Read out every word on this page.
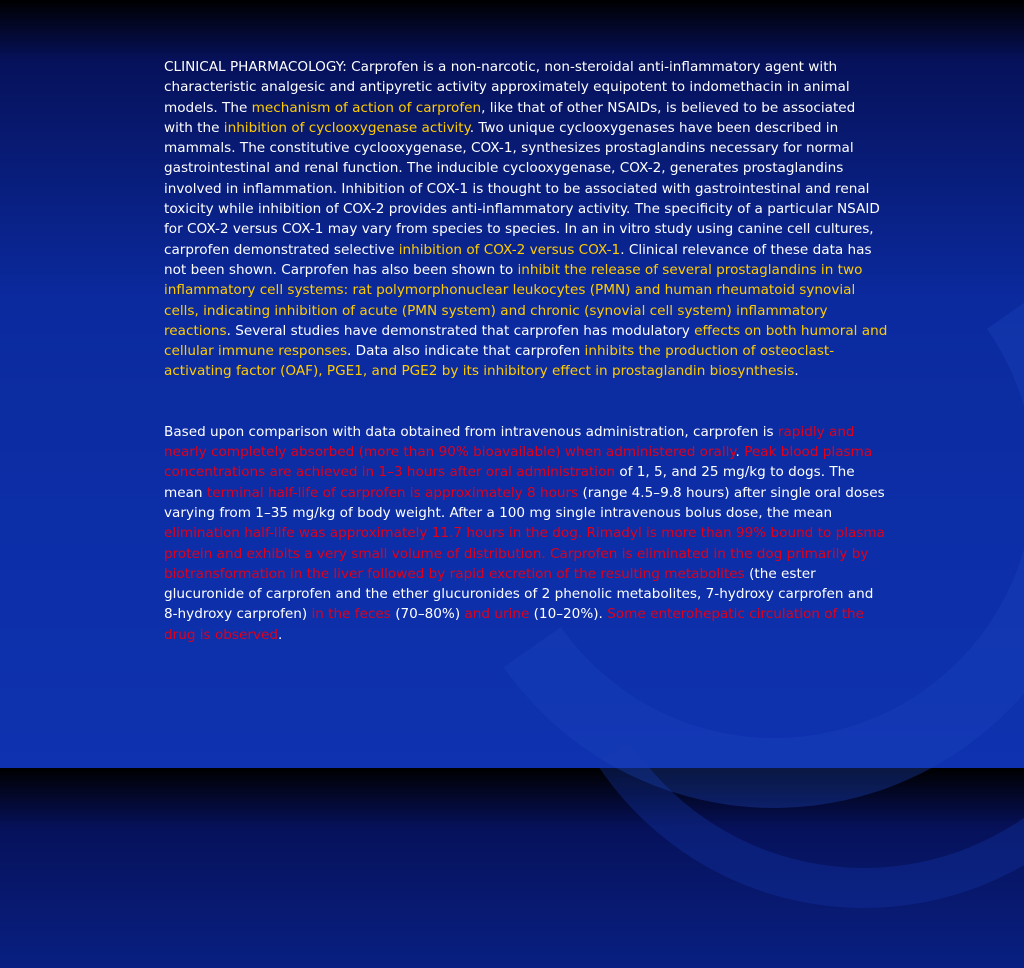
CLINICAL PHARMACOLOGY: Carprofen is a non-narcotic, non-steroidal anti-inflammatory agent with characteristic analgesic and antipyretic activity approximately equipotent to indomethacin in animal models. The mechanism of action of carprofen, like that of other NSAIDs, is believed to be associated with the inhibition of cyclooxygenase activity. Two unique cyclooxygenases have been described in mammals. The constitutive cyclooxygenase, COX-1, synthesizes prostaglandins necessary for normal gastrointestinal and renal function. The inducible cyclooxygenase, COX-2, generates prostaglandins involved in inflammation. Inhibition of COX-1 is thought to be associated with gastrointestinal and renal toxicity while inhibition of COX-2 provides anti-inflammatory activity. The specificity of a particular NSAID for COX-2 versus COX-1 may vary from species to species. In an in vitro study using canine cell cultures, carprofen demonstrated selective inhibition of COX-2 versus COX-1. Clinical relevance of these data has not been shown. Carprofen has also been shown to inhibit the release of several prostaglandins in two inflammatory cell systems: rat polymorphonuclear leukocytes (PMN) and human rheumatoid synovial cells, indicating inhibition of acute (PMN system) and chronic (synovial cell system) inflammatory reactions. Several studies have demonstrated that carprofen has modulatory effects on both humoral and cellular immune responses. Data also indicate that carprofen inhibits the production of osteoclast-activating factor (OAF), PGE1, and PGE2 by its inhibitory effect in prostaglandin biosynthesis.

Based upon comparison with data obtained from intravenous administration, carprofen is rapidly and nearly completely absorbed (more than 90% bioavailable) when administered orally. Peak blood plasma concentrations are achieved in 1–3 hours after oral administration of 1, 5, and 25 mg/kg to dogs. The mean terminal half-life of carprofen is approximately 8 hours (range 4.5–9.8 hours) after single oral doses varying from 1–35 mg/kg of body weight. After a 100 mg single intravenous bolus dose, the mean elimination half-life was approximately 11.7 hours in the dog. Rimadyl is more than 99% bound to plasma protein and exhibits a very small volume of distribution. Carprofen is eliminated in the dog primarily by biotransformation in the liver followed by rapid excretion of the resulting metabolites (the ester glucuronide of carprofen and the ether glucuronides of 2 phenolic metabolites, 7-hydroxy carprofen and 8-hydroxy carprofen) in the feces (70–80%) and urine (10–20%). Some enterohepatic circulation of the drug is observed.
